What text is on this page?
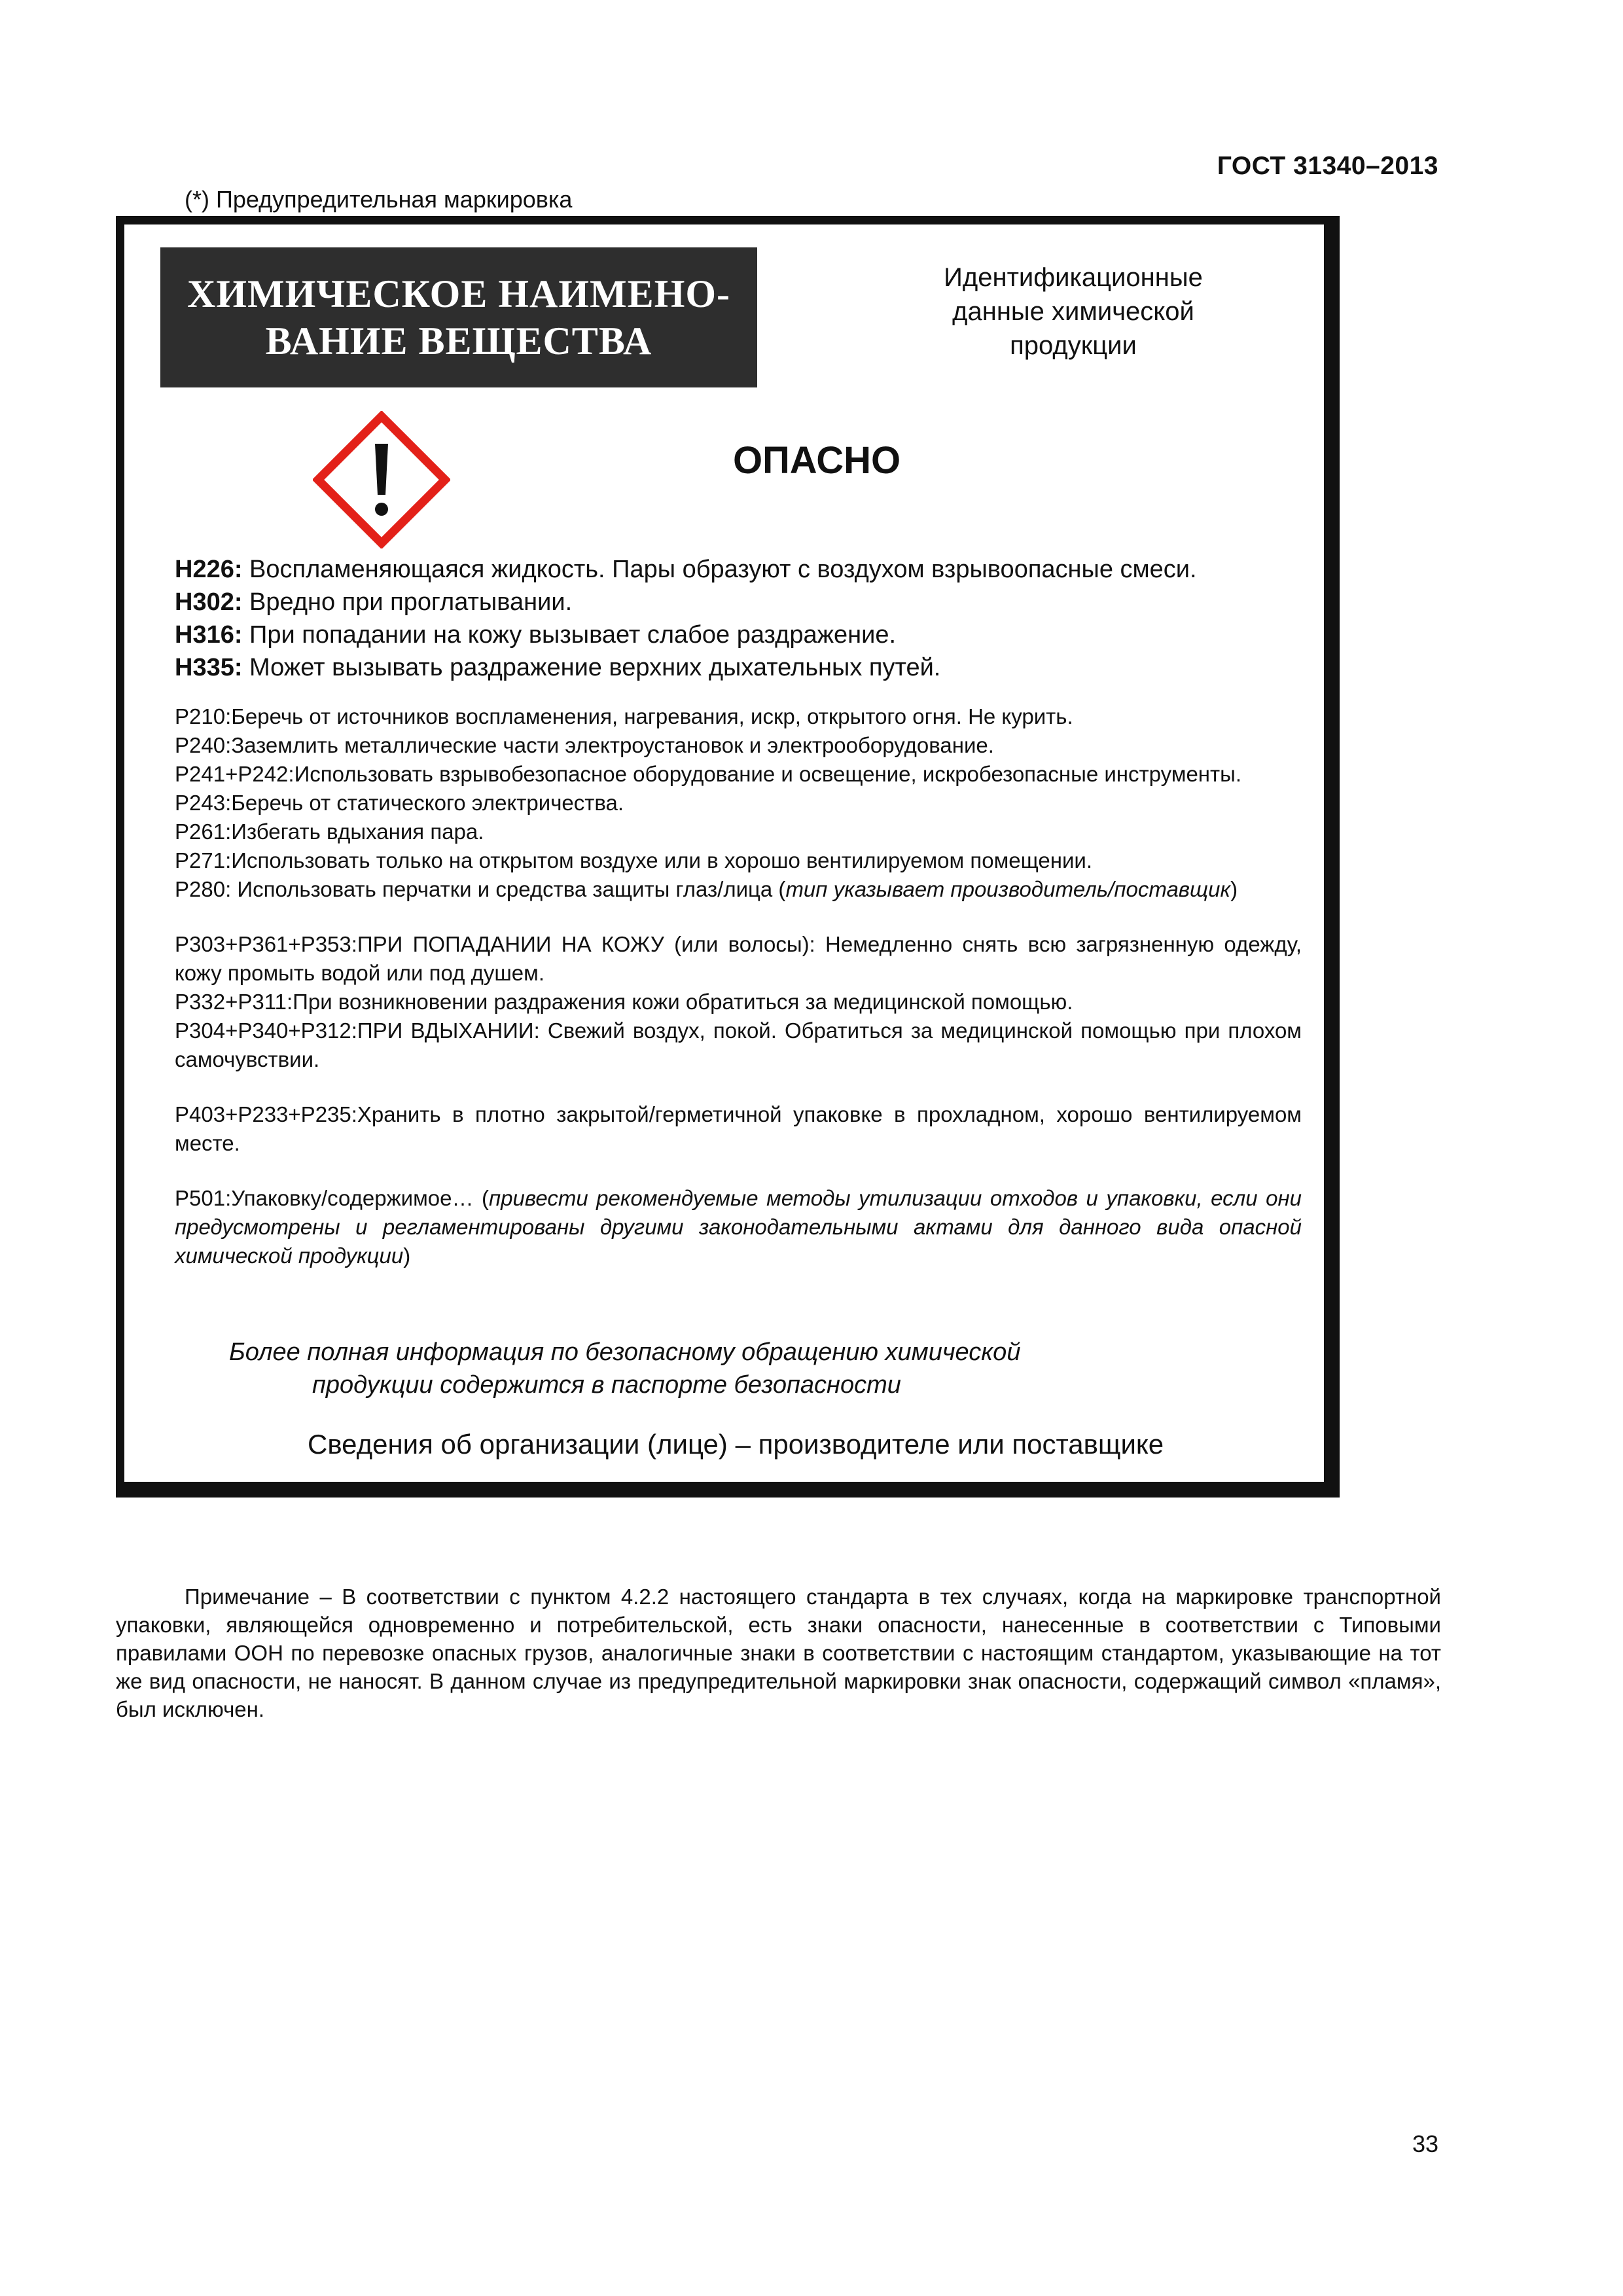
ГОСТ 31340–2013
(*) Предупредительная маркировка
ХИМИЧЕСКОЕ НАИМЕНО-
ВАНИЕ ВЕЩЕСТВА
Идентификационные
данные химической
продукции
ОПАСНО
H226: Воспламеняющаяся жидкость. Пары образуют с воздухом взрывоопасные смеси.
H302: Вредно при проглатывании.
H316: При попадании на кожу вызывает слабое раздражение.
H335: Может вызывать раздражение верхних дыхательных путей.
Р210:Беречь от источников воспламенения, нагревания, искр, открытого огня. Не курить.
Р240:Заземлить металлические части электроустановок и электрооборудование.
Р241+Р242:Использовать взрывобезопасное оборудование и освещение, искробезопасные инструменты.
Р243:Беречь от статического электричества.
Р261:Избегать вдыхания пара.
Р271:Использовать только на открытом воздухе или в хорошо вентилируемом помещении.
Р280: Использовать перчатки и средства защиты глаз/лица (тип указывает производитель/поставщик)
Р303+Р361+Р353:ПРИ ПОПАДАНИИ НА КОЖУ (или волосы): Немедленно снять всю загрязненную одежду, кожу промыть водой или под душем.
Р332+Р311:При возникновении раздражения кожи обратиться за медицинской помощью.
Р304+Р340+Р312:ПРИ ВДЫХАНИИ: Свежий воздух, покой. Обратиться за медицинской помощью при плохом самочувствии.
Р403+Р233+Р235:Хранить в плотно закрытой/герметичной упаковке в прохладном, хорошо вентилируемом месте.
Р501:Упаковку/содержимое… (привести рекомендуемые методы утилизации отходов и упаковки, если они предусмотрены и регламентированы другими законодательными актами для данного вида опасной химической продукции)
Более полная информация по безопасному обращению химической
продукции содержится в паспорте безопасности
Сведения об организации (лице) – производителе или поставщике
Примечание – В соответствии с пунктом 4.2.2 настоящего стандарта в тех случаях, когда на маркировке транспортной упаковки, являющейся одновременно и потребительской, есть знаки опасности, нанесенные в соответствии с Типовыми правилами ООН по перевозке опасных грузов, аналогичные знаки в соответствии с настоящим стандартом, указывающие на тот же вид опасности, не наносят. В данном случае из предупредительной маркировки знак опасности, содержащий символ «пламя», был исключен.
33
